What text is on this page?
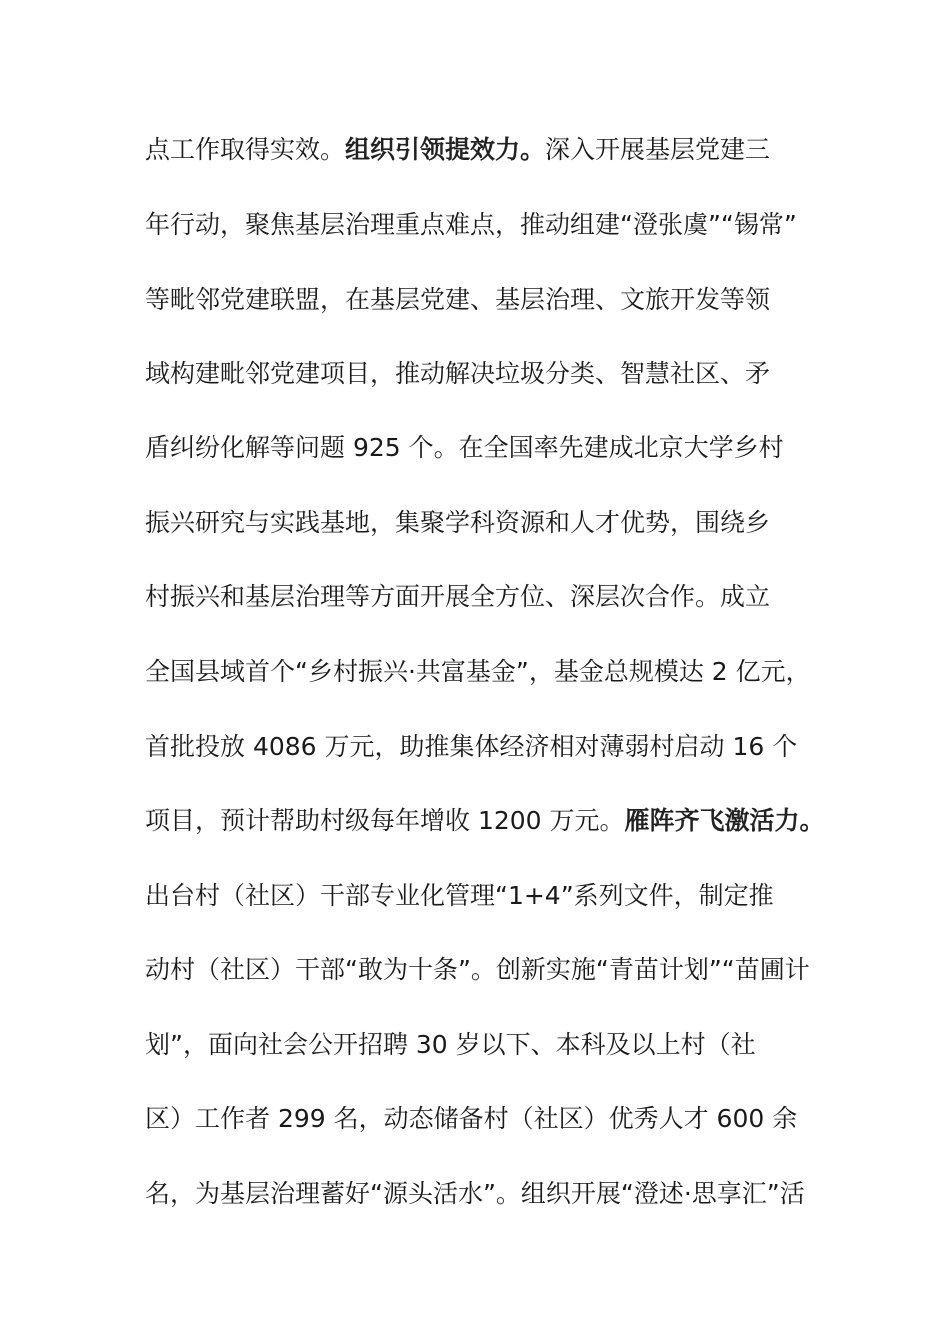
点工作取得实效。组织引领提效力。深入开展基层党建三
年行动，聚焦基层治理重点难点，推动组建“澄张虞”“锡常”
等毗邻党建联盟，在基层党建、基层治理、文旅开发等领
域构建毗邻党建项目，推动解决垃圾分类、智慧社区、矛
盾纠纷化解等问题 925 个。在全国率先建成北京大学乡村
振兴研究与实践基地，集聚学科资源和人才优势，围绕乡
村振兴和基层治理等方面开展全方位、深层次合作。成立
全国县域首个“乡村振兴·共富基金”，基金总规模达 2 亿元，
首批投放 4086 万元，助推集体经济相对薄弱村启动 16 个
项目，预计帮助村级每年增收 1200 万元。雁阵齐飞激活力。
出台村（社区）干部专业化管理“1+4”系列文件，制定推
动村（社区）干部“敢为十条”。创新实施“青苗计划”“苗圃计
划”，面向社会公开招聘 30 岁以下、本科及以上村（社
区）工作者 299 名，动态储备村（社区）优秀人才 600 余
名，为基层治理蓄好“源头活水”。组织开展“澄述·思享汇”活
